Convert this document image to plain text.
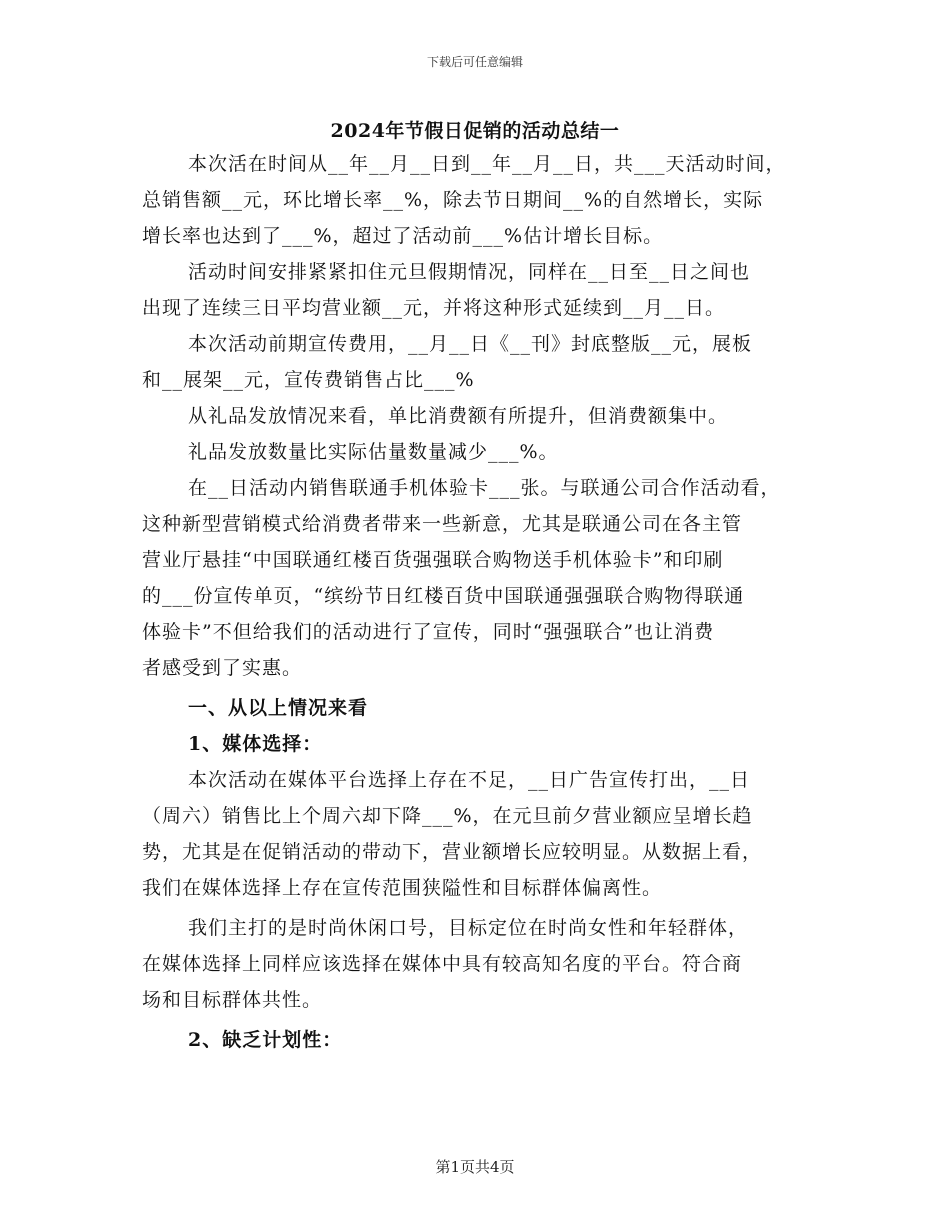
下载后可任意编辑
2024年节假日促销的活动总结一

本次活在时间从__年__月__日到__年__月__日，共___天活动时间，
总销售额__元，环比增长率__%，除去节日期间__%的自然增长，实际
增长率也达到了___%，超过了活动前___%估计增长目标。

活动时间安排紧紧扣住元旦假期情况，同样在__日至__日之间也
出现了连续三日平均营业额__元，并将这种形式延续到__月__日。

本次活动前期宣传费用，__月__日《__刊》封底整版__元，展板
和__展架__元，宣传费销售占比___%

从礼品发放情况来看，单比消费额有所提升，但消费额集中。

礼品发放数量比实际估量数量减少___%。

在__日活动内销售联通手机体验卡___张。与联通公司合作活动看，
这种新型营销模式给消费者带来一些新意，尤其是联通公司在各主管
营业厅悬挂“中国联通红楼百货强强联合购物送手机体验卡”和印刷
的___份宣传单页，“缤纷节日红楼百货中国联通强强联合购物得联通
体验卡”不但给我们的活动进行了宣传，同时“强强联合”也让消费
者感受到了实惠。

一、从以上情况来看

1、媒体选择：

本次活动在媒体平台选择上存在不足，__日广告宣传打出，__日
（周六）销售比上个周六却下降___%，在元旦前夕营业额应呈增长趋
势，尤其是在促销活动的带动下，营业额增长应较明显。从数据上看，
我们在媒体选择上存在宣传范围狭隘性和目标群体偏离性。

我们主打的是时尚休闲口号，目标定位在时尚女性和年轻群体，
在媒体选择上同样应该选择在媒体中具有较高知名度的平台。符合商
场和目标群体共性。

2、缺乏计划性：

第1页共4页
